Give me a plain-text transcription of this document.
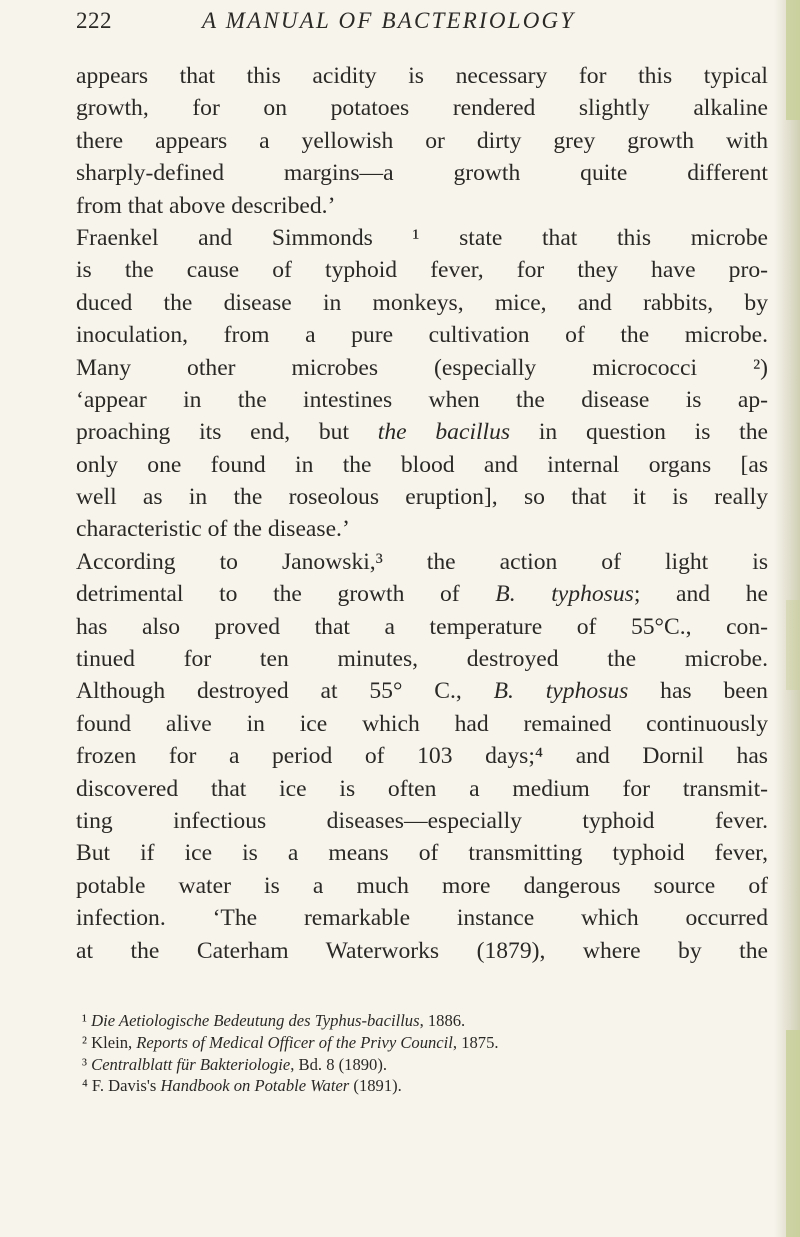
222	A MANUAL OF BACTERIOLOGY
appears that this acidity is necessary for this typical
growth, for on potatoes rendered slightly alkaline
there appears a yellowish or dirty grey growth with
sharply-defined margins—a growth quite different
from that above described.’
Fraenkel and Simmonds ¹ state that this microbe
is the cause of typhoid fever, for they have pro-
duced the disease in monkeys, mice, and rabbits, by
inoculation, from a pure cultivation of the microbe.
Many other microbes (especially micrococci ²)
‘appear in the intestines when the disease is ap-
proaching its end, but the bacillus in question is the
only one found in the blood and internal organs [as
well as in the roseolous eruption], so that it is really
characteristic of the disease.’
According to Janowski,³ the action of light is
detrimental to the growth of B. typhosus; and he
has also proved that a temperature of 55°C., con-
tinued for ten minutes, destroyed the microbe.
Although destroyed at 55° C., B. typhosus has been
found alive in ice which had remained continuously
frozen for a period of 103 days;⁴ and Dornil has
discovered that ice is often a medium for transmit-
ting infectious diseases—especially typhoid fever.
But if ice is a means of transmitting typhoid fever,
potable water is a much more dangerous source of
infection. ‘The remarkable instance which occurred
at the Caterham Waterworks (1879), where by the
¹ Die Aetiologische Bedeutung des Typhus-bacillus, 1886.
² Klein, Reports of Medical Officer of the Privy Council, 1875.
³ Centralblatt für Bakteriologie, Bd. 8 (1890).
⁴ F. Davis's Handbook on Potable Water (1891).
